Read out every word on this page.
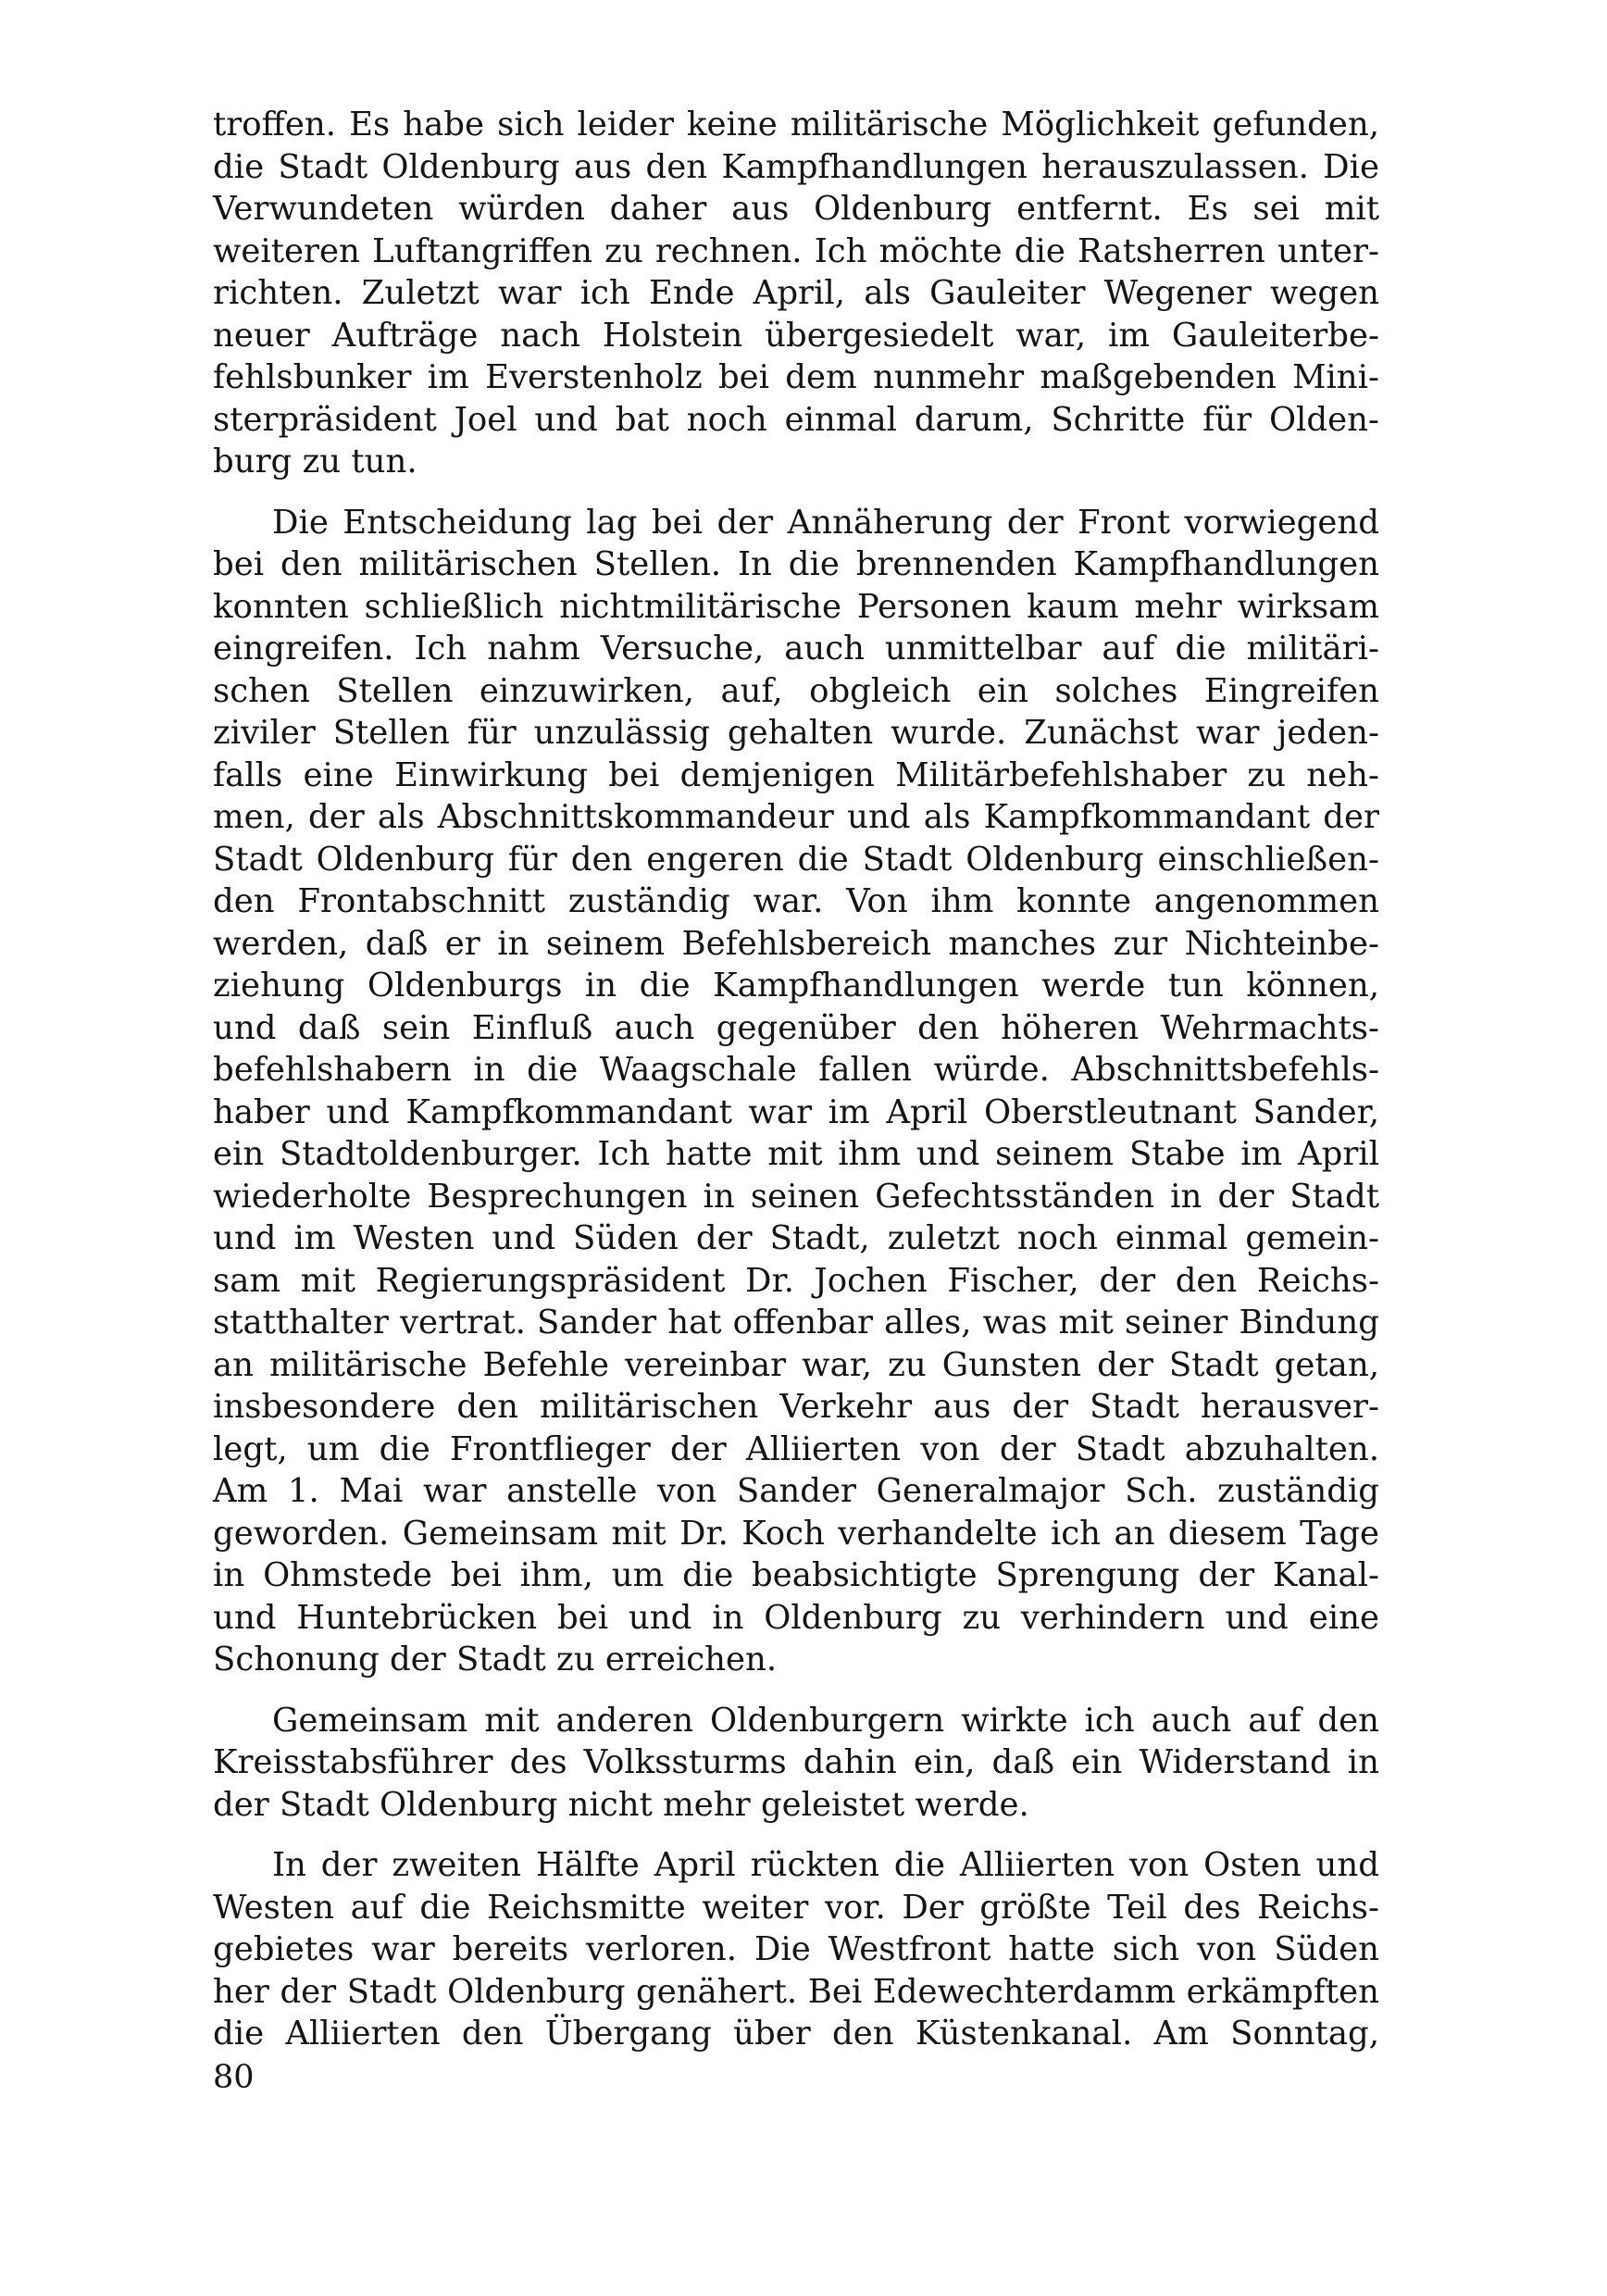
troffen. Es habe sich leider keine militärische Möglichkeit gefunden,
die Stadt Oldenburg aus den Kampfhandlungen herauszulassen. Die
Verwundeten würden daher aus Oldenburg entfernt. Es sei mit
weiteren Luftangriffen zu rechnen. Ich möchte die Ratsherren unter-
richten. Zuletzt war ich Ende April, als Gauleiter Wegener wegen
neuer Aufträge nach Holstein übergesiedelt war, im Gauleiterbe-
fehlsbunker im Everstenholz bei dem nunmehr maßgebenden Mini-
sterpräsident Joel und bat noch einmal darum, Schritte für Olden-
burg zu tun.

Die Entscheidung lag bei der Annäherung der Front vorwiegend
bei den militärischen Stellen. In die brennenden Kampfhandlungen
konnten schließlich nichtmilitärische Personen kaum mehr wirksam
eingreifen. Ich nahm Versuche, auch unmittelbar auf die militäri-
schen Stellen einzuwirken, auf, obgleich ein solches Eingreifen
ziviler Stellen für unzulässig gehalten wurde. Zunächst war jeden-
falls eine Einwirkung bei demjenigen Militärbefehlshaber zu neh-
men, der als Abschnittskommandeur und als Kampfkommandant der
Stadt Oldenburg für den engeren die Stadt Oldenburg einschließen-
den Frontabschnitt zuständig war. Von ihm konnte angenommen
werden, daß er in seinem Befehlsbereich manches zur Nichteinbe-
ziehung Oldenburgs in die Kampfhandlungen werde tun können,
und daß sein Einfluß auch gegenüber den höheren Wehrmachts-
befehlshabern in die Waagschale fallen würde. Abschnittsbefehls-
haber und Kampfkommandant war im April Oberstleutnant Sander,
ein Stadtoldenburger. Ich hatte mit ihm und seinem Stabe im April
wiederholte Besprechungen in seinen Gefechtsständen in der Stadt
und im Westen und Süden der Stadt, zuletzt noch einmal gemein-
sam mit Regierungspräsident Dr. Jochen Fischer, der den Reichs-
statthalter vertrat. Sander hat offenbar alles, was mit seiner Bindung
an militärische Befehle vereinbar war, zu Gunsten der Stadt getan,
insbesondere den militärischen Verkehr aus der Stadt herausver-
legt, um die Frontflieger der Alliierten von der Stadt abzuhalten.
Am 1. Mai war anstelle von Sander Generalmajor Sch. zuständig
geworden. Gemeinsam mit Dr. Koch verhandelte ich an diesem Tage
in Ohmstede bei ihm, um die beabsichtigte Sprengung der Kanal-
und Huntebrücken bei und in Oldenburg zu verhindern und eine
Schonung der Stadt zu erreichen.

Gemeinsam mit anderen Oldenburgern wirkte ich auch auf den
Kreisstabsführer des Volkssturms dahin ein, daß ein Widerstand in
der Stadt Oldenburg nicht mehr geleistet werde.

In der zweiten Hälfte April rückten die Alliierten von Osten und
Westen auf die Reichsmitte weiter vor. Der größte Teil des Reichs-
gebietes war bereits verloren. Die Westfront hatte sich von Süden
her der Stadt Oldenburg genähert. Bei Edewechterdamm erkämpften
die Alliierten den Übergang über den Küstenkanal. Am Sonntag,

80
